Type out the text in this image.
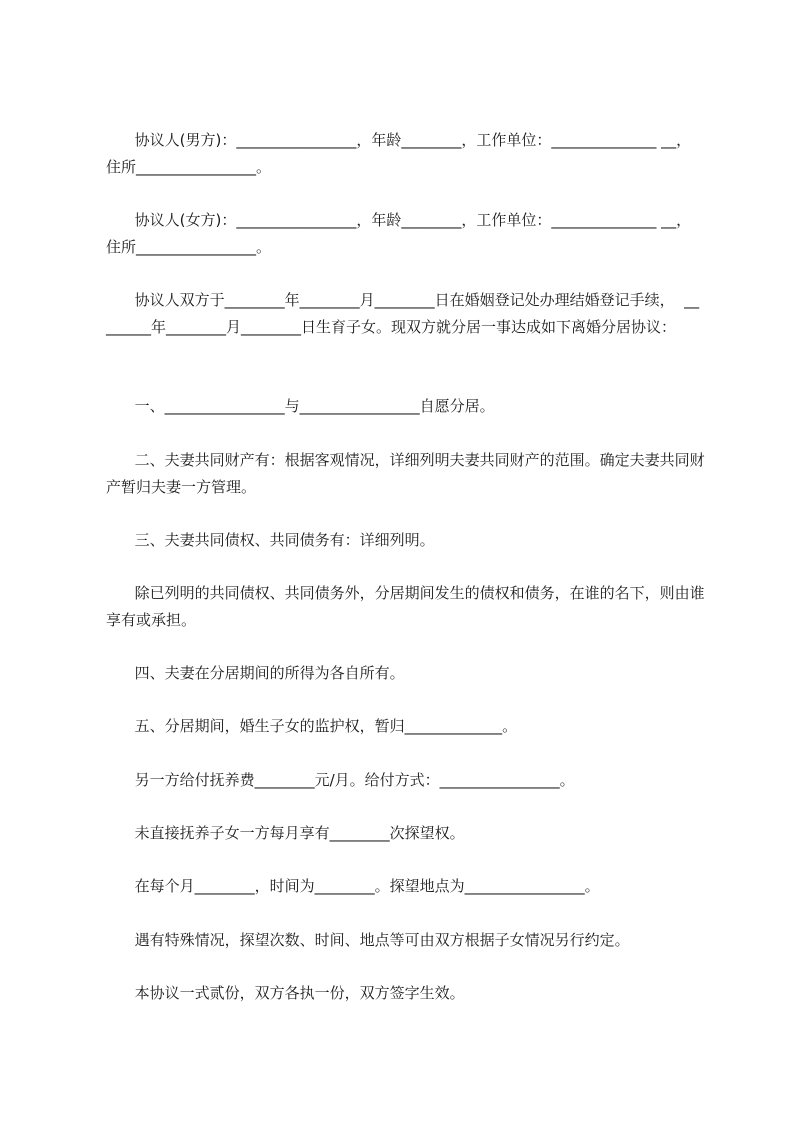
协议人(男方)：________________，年龄________，工作单位：______________ __，住所________________。

协议人(女方)：________________，年龄________，工作单位：______________ __，住所________________。

协议人双方于________年________月________日在婚姻登记处办理结婚登记手续，  ________年________月________日生育子女。现双方就分居一事达成如下离婚分居协议：

一、________________与________________自愿分居。

二、夫妻共同财产有：根据客观情况，详细列明夫妻共同财产的范围。确定夫妻共同财产暂归夫妻一方管理。

三、夫妻共同债权、共同债务有：详细列明。

除已列明的共同债权、共同债务外，分居期间发生的债权和债务，在谁的名下，则由谁享有或承担。

四、夫妻在分居期间的所得为各自所有。

五、分居期间，婚生子女的监护权，暂归_____________。

另一方给付抚养费________元/月。给付方式：________________。

未直接抚养子女一方每月享有________次探望权。

在每个月________，时间为________。探望地点为________________。

遇有特殊情况，探望次数、时间、地点等可由双方根据子女情况另行约定。

本协议一式贰份，双方各执一份，双方签字生效。
